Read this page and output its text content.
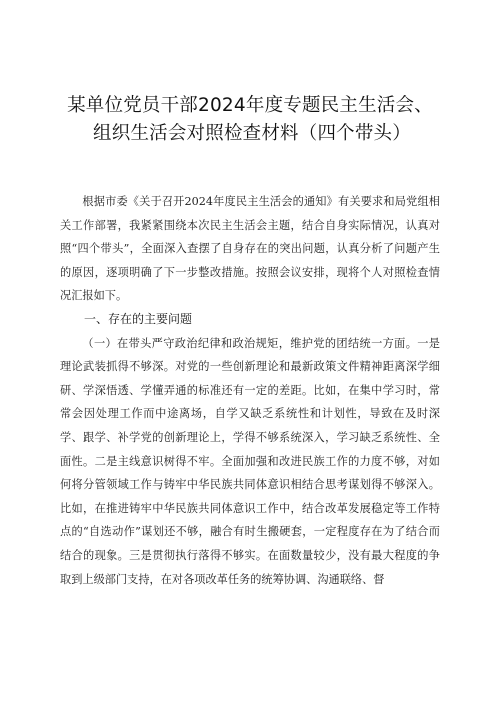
某单位党员干部2024年度专题民主生活会、

组织生活会对照检查材料（四个带头）

根据市委《关于召开2024年度民主生活会的通知》有关要求和局党组相关工作部署，我紧紧围绕本次民主生活会主题，结合自身实际情况，认真对照“四个带头”，全面深入查摆了自身存在的突出问题，认真分析了问题产生的原因，逐项明确了下一步整改措施。按照会议安排，现将个人对照检查情况汇报如下。

一、存在的主要问题

（一）在带头严守政治纪律和政治规矩，维护党的团结统一方面。一是理论武装抓得不够深。对党的一些创新理论和最新政策文件精神距离深学细研、学深悟透、学懂弄通的标准还有一定的差距。比如，在集中学习时，常常会因处理工作而中途离场，自学又缺乏系统性和计划性，导致在及时深学、跟学、补学党的创新理论上，学得不够系统深入，学习缺乏系统性、全面性。二是主线意识树得不牢。全面加强和改进民族工作的力度不够，对如何将分管领域工作与铸牢中华民族共同体意识相结合思考谋划得不够深入。比如，在推进铸牢中华民族共同体意识工作中，结合改革发展稳定等工作特点的“自选动作”谋划还不够，融合有时生搬硬套，一定程度存在为了结合而结合的现象。三是贯彻执行落得不够实。在面数量较少，没有最大程度的争取到上级部门支持，在对各项改革任务的统筹协调、沟通联络、督
